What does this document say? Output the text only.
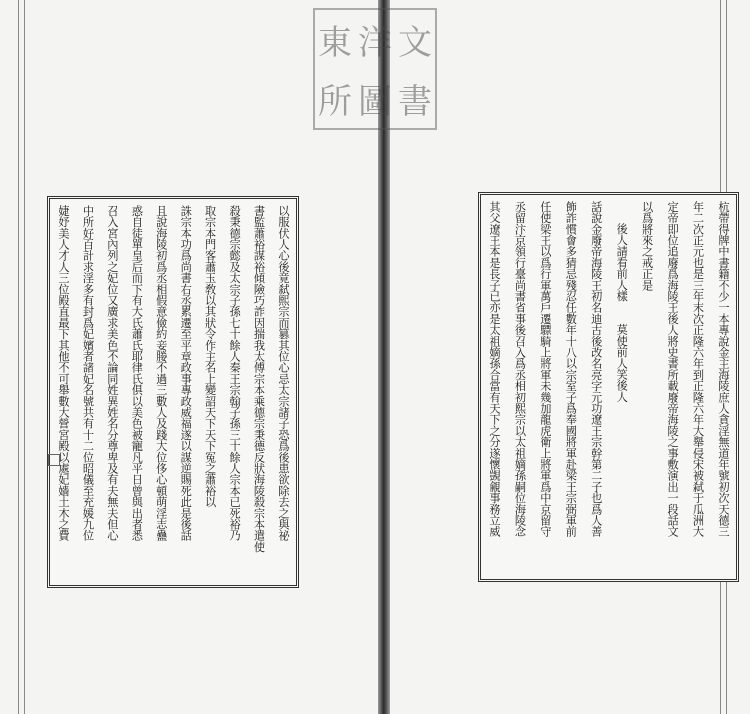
以服伏人心後竟弑熙宗而篡其位心忌太宗諸子恐爲後患欲除去之與祕
書監蕭裕謀裕傾險巧詐因揣我太傅宗本乘德宗秉德反狀海陵殺宗本遣使
殺秉德宗懿及太宗子孫七十餘人秦王宗翰子孫三十餘人宗本已死裕乃
取宗本門客蕭玉敎以其狀令作主名上變詔天下天下冤之蕭裕以
誅宗本功爲尚書右丞累遷至平章政事專政威福遂以謀逆賜死此是後話
且說海陵初爲丞相假意儉約妾媵不過三數人及踐大位侈心頓萌淫志蠱
惑自徒單皇后而下有大氏蕭氏耶律氏俱以美色被寵凡平日曾與出者悉
召入宮內列之妃位又廣求美色不論同姓異姓名分尊卑及有夫無夫但心
中所好百計求淫多有封爲妃嬪者諸妃名號共有十二位昭儀至充媛九位
婕妤美人才人三位殿直最下其他不可舉數大營宮殿以處妃嬙土木之費	杭帶得牌中書籍不少一本專說金主海陵庶人貪淫無道年號初次天德三
年二次正元也是三年末次正隆六年到正隆六年大舉侵宋被弑于瓜洲大
定帝即位追廢爲海陵王後人將史書所載廢帝海陵之事敷演出一段話文
以爲將來之戒正是
後人請看前人樣　　莫使前人笑後人
話說金廢帝海陵王初名迪古後改名亮字元功遼王宗幹第二子也爲人善
飾詐慣會多猜忌殘忍任數年十八以宗室子爲奉國將軍赴梁王宗弼軍前
任使梁王以爲行軍萬戶遷驃騎上將軍未幾加龍虎衛上將軍爲中京留守
丞留汴京領行臺尚書省事後召入爲丞相初熙宗以太祖嫡孫嗣位海陵念
其父遼王本是長子已亦是太祖嫡孫合當有天下之分遂懷覬覦事務立威
東 洋 文
所 圖 書
